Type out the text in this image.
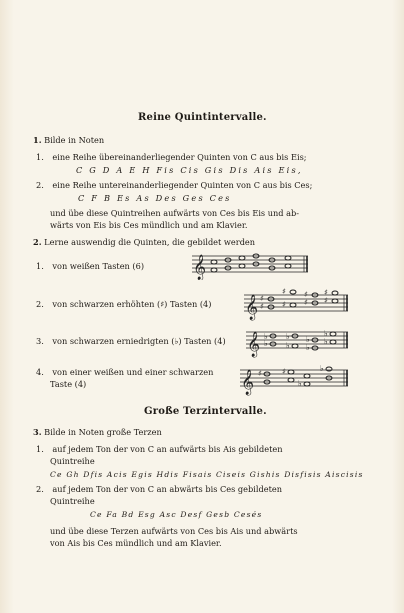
Reine Quintintervalle.
1. Bilde in Noten
1. eine Reihe übereinanderliegender Quinten von C aus bis Eis;
C G D A E H Fis Cis Gis Dis Ais Eis,
2. eine Reihe untereinanderliegender Quinten von C aus bis Ces;
C F B Es As Des Ges Ces
und übe diese Quintreihen aufwärts von Ces bis Eis und ab-
wärts von Eis bis Ces mündlich und am Klavier.
2. Lerne auswendig die Quinten, die gebildet werden
1. von weißen Tasten (6) 𝄞
2. von schwarzen erhöhten (♯) Tasten (4) 𝄞 ♯
♯
♯
♯
♯
♯
♯
♯
3. von schwarzen erniedrigten (♭) Tasten (4) 𝄞 ♭
♭
♭
♭
♭
♭ ♭
♭
4. von einer weißen und einer schwarzen
Taste (4)	𝄞 ♯	♯
♭
♭
Große Terzintervalle.
3. Bilde in Noten große Terzen
1. auf jedem Ton der von C an aufwärts bis Ais gebildeten
Quintreihe
Ce Gh Dfis Acis Egis Hdis Fisais Ciseis Gishis Disfisis Aiscisis
2. auf jedem Ton der von C an abwärts bis Ces gebildeten
Quintreihe
Ce Fa Bd Esg Asc Desf Gesb Cesés
und übe diese Terzen aufwärts von Ces bis Ais und abwärts
von Ais bis Ces mündlich und am Klavier.
